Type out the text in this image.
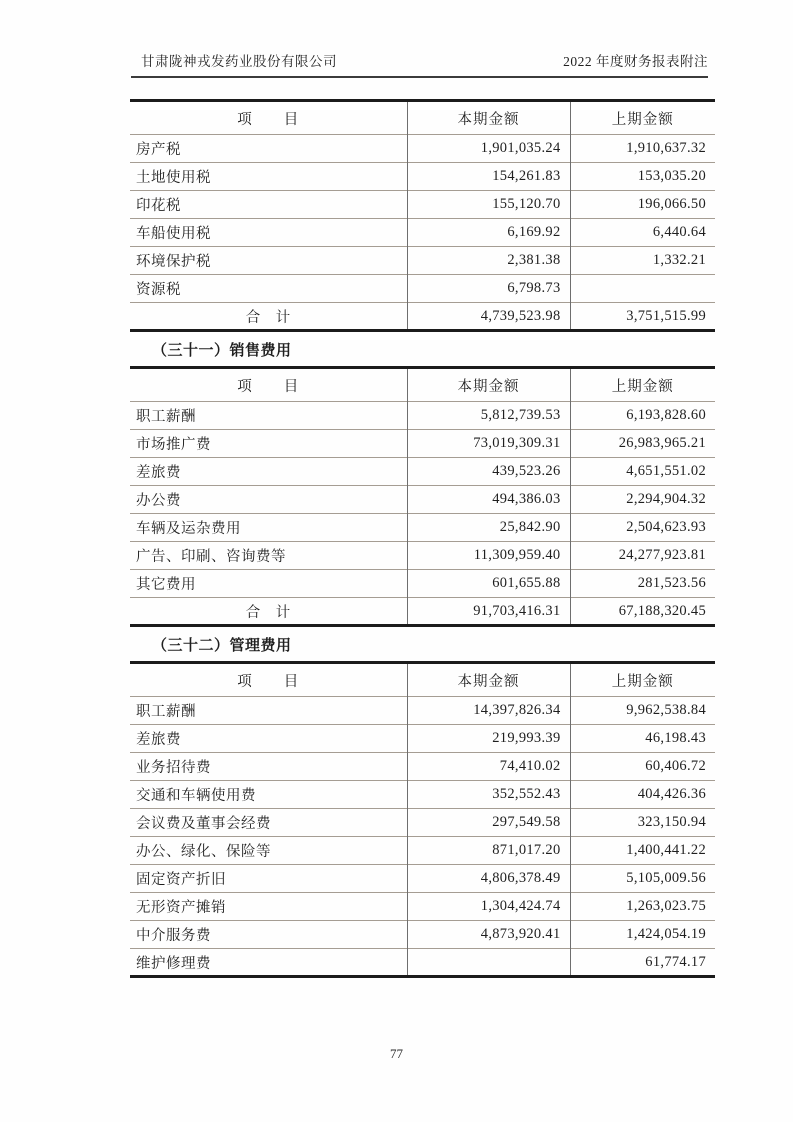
甘肃陇神戎发药业股份有限公司	2022 年度财务报表附注
项　　目	本期金额	上期金额
房产税	1,901,035.24	1,910,637.32
土地使用税	154,261.83	153,035.20
印花税	155,120.70	196,066.50
车船使用税	6,169.92	6,440.64
环境保护税	2,381.38	1,332.21
资源税	6,798.73	
合　计	4,739,523.98	3,751,515.99
（三十一）销售费用
项　　目	本期金额	上期金额
职工薪酬	5,812,739.53	6,193,828.60
市场推广费	73,019,309.31	26,983,965.21
差旅费	439,523.26	4,651,551.02
办公费	494,386.03	2,294,904.32
车辆及运杂费用	25,842.90	2,504,623.93
广告、印刷、咨询费等	11,309,959.40	24,277,923.81
其它费用	601,655.88	281,523.56
合　计	91,703,416.31	67,188,320.45
（三十二）管理费用
项　　目	本期金额	上期金额
职工薪酬	14,397,826.34	9,962,538.84
差旅费	219,993.39	46,198.43
业务招待费	74,410.02	60,406.72
交通和车辆使用费	352,552.43	404,426.36
会议费及董事会经费	297,549.58	323,150.94
办公、绿化、保险等	871,017.20	1,400,441.22
固定资产折旧	4,806,378.49	5,105,009.56
无形资产摊销	1,304,424.74	1,263,023.75
中介服务费	4,873,920.41	1,424,054.19
维护修理费		61,774.17
77
